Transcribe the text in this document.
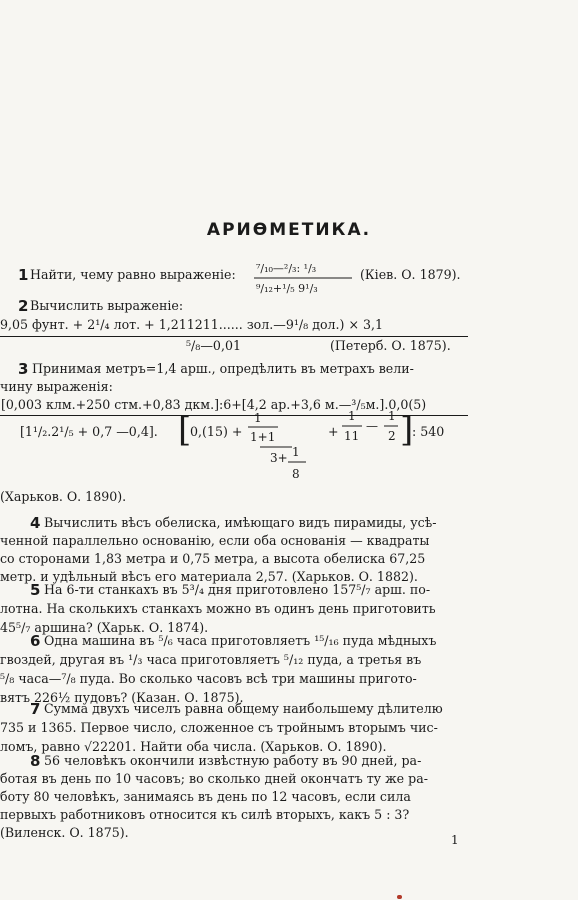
АРИѲМЕТИКА.
1 Найти, чему равно выраженіе: ⁷/₁₀—²/₃: ¹/₃
⁹/₁₂+¹/₅ 9¹/₃
(Кіев. О. 1879).
2 Вычислить выраженіе:
9,05 фунт. + 2¹/₄ лот. + 1,211211...... зол.—9¹/₈ дол.) × 3,1
⁵/₈—0,01	(Петерб. О. 1875).
3 Принимая метръ=1,4 арш., опредѣлить въ метрахъ вели-
чину выраженія:
[0,003 клм.+250 стм.+0,83 дкм.]:6+[4,2 ар.+3,6 м.—³/₅м.].0,0(5)
[1¹/₂.2¹/₅ + 0,7 —0,4]. [
0,(15) +
1
1+1
3+ 1
8
+
1
11
—
1
2 ]
: 540
(Харьков. О. 1890).
4 Вычислить вѣсъ обелиска, имѣющаго видъ пирамиды, усѣ-
ченной параллельно основанію, если оба основанія — квадраты
со сторонами 1,83 метра и 0,75 метра, а высота обелиска 67,25
метр. и удѣльный вѣсъ его материала 2,57. (Харьков. О. 1882).
5 На 6-ти станкахъ въ 5³/₄ дня приготовлено 157⁵/₇ арш. по-
лотна. На сколькихъ станкахъ можно въ одинъ день приготовить
45⁵/₇ аршина? (Харьк. О. 1874).
6 Одна машина въ ⁵/₆ часа приготовляетъ ¹⁵/₁₆ пуда мѣдныхъ
гвоздей, другая въ ¹/₃ часа приготовляетъ ⁵/₁₂ пуда, а третья въ
⁵/₈ часа—⁷/₈ пуда. Во сколько часовъ всѣ три машины пригото-
вятъ 226½ пудовъ? (Казан. О. 1875).
7 Сумма двухъ чиселъ равна общему наибольшему дѣлителю
735 и 1365. Первое число, сложенное съ тройнымъ вторымъ чис-
ломъ, равно √22201. Найти оба числа. (Харьков. О. 1890).
8 56 человѣкъ окончили извѣстную работу въ 90 дней, ра-
ботая въ день по 10 часовъ; во сколько дней окончатъ ту же ра-
боту 80 человѣкъ, занимаясь въ день по 12 часовъ, если сила
первыхъ работниковъ относится къ силѣ вторыхъ, какъ 5 : 3?
(Виленск. О. 1875).	1
